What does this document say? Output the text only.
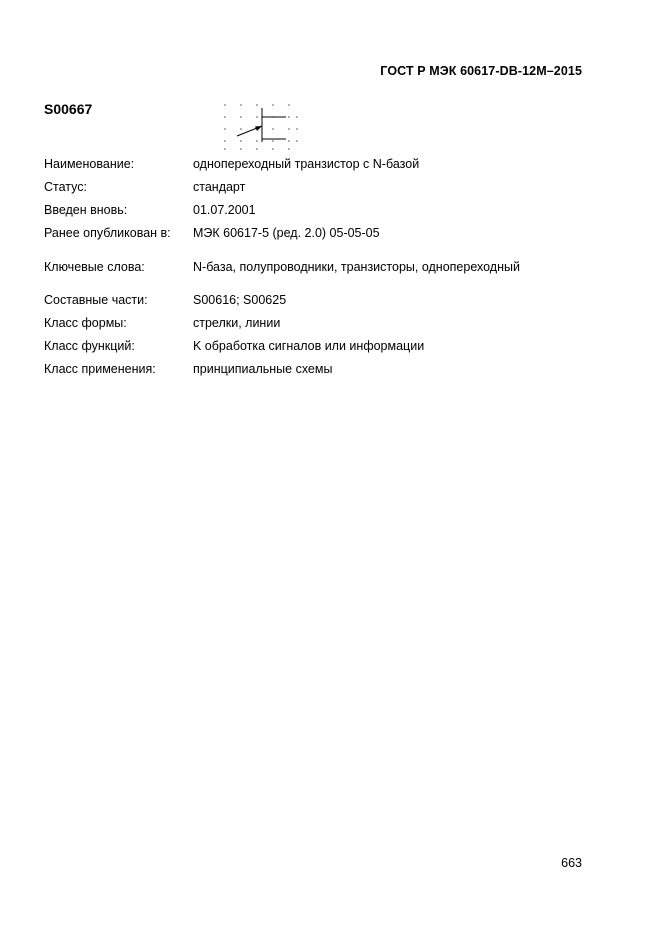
ГОСТ Р МЭК 60617-DB-12M–2015
S00667
Наименование:	однопереходный транзистор с N-базой
Статус:	стандарт
Введен вновь:	01.07.2001
Ранее опубликован в: МЭК 60617-5 (ред. 2.0) 05-05-05
Ключевые слова:	N-база, полупроводники, транзисторы, однопереходный
Составные части:	S00616; S00625
Класс формы:	стрелки, линии
Класс функций:	K обработка сигналов или информации
Класс применения:	принципиальные схемы
663
